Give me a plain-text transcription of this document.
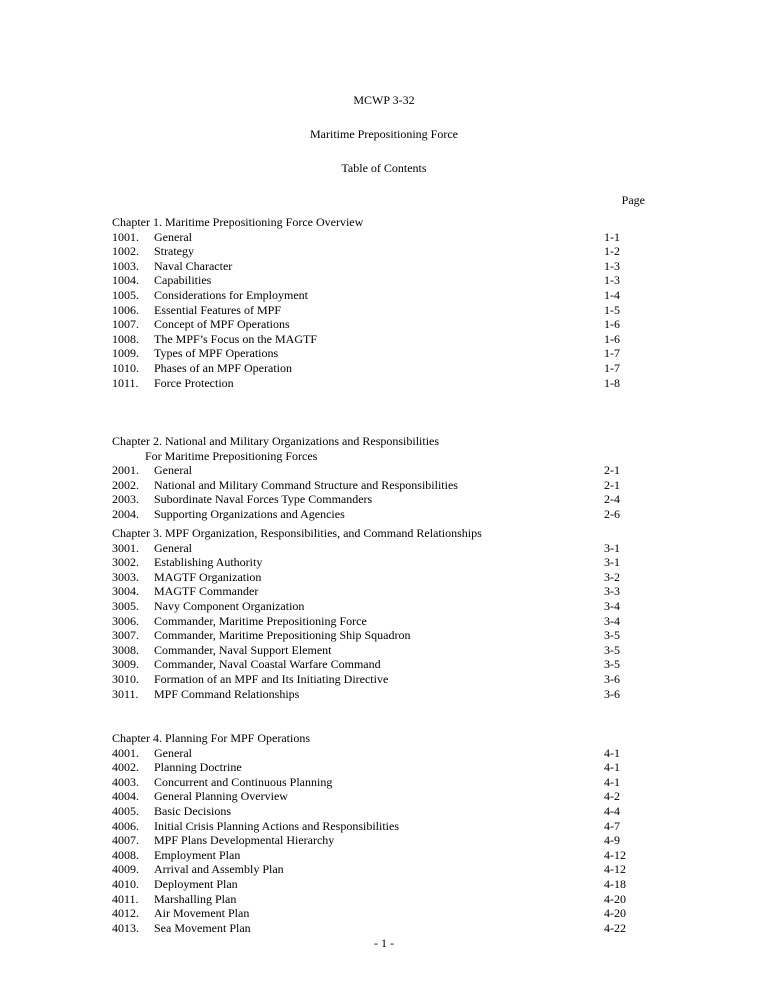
MCWP 3-32
Maritime Prepositioning Force
Table of Contents
Page
Chapter 1. Maritime Prepositioning Force Overview
1001. General	1-1
1002. Strategy	1-2
1003. Naval Character	1-3
1004. Capabilities	1-3
1005. Considerations for Employment	1-4
1006. Essential Features of MPF	1-5
1007. Concept of MPF Operations	1-6
1008. The MPF’s Focus on the MAGTF	1-6
1009. Types of MPF Operations	1-7
1010. Phases of an MPF Operation	1-7
1011. Force Protection	1-8
Chapter 2. National and Military Organizations and Responsibilities
For Maritime Prepositioning Forces
2001. General	2-1
2002. National and Military Command Structure and Responsibilities	2-1
2003. Subordinate Naval Forces Type Commanders	2-4
2004. Supporting Organizations and Agencies	2-6
Chapter 3. MPF Organization, Responsibilities, and Command Relationships
3001. General	3-1
3002. Establishing Authority	3-1
3003. MAGTF Organization	3-2
3004. MAGTF Commander	3-3
3005. Navy Component Organization	3-4
3006. Commander, Maritime Prepositioning Force	3-4
3007. Commander, Maritime Prepositioning Ship Squadron	3-5
3008. Commander, Naval Support Element	3-5
3009. Commander, Naval Coastal Warfare Command	3-5
3010. Formation of an MPF and Its Initiating Directive	3-6
3011. MPF Command Relationships	3-6
Chapter 4. Planning For MPF Operations
4001. General	4-1
4002. Planning Doctrine	4-1
4003. Concurrent and Continuous Planning	4-1
4004. General Planning Overview	4-2
4005. Basic Decisions	4-4
4006. Initial Crisis Planning Actions and Responsibilities	4-7
4007. MPF Plans Developmental Hierarchy	4-9
4008. Employment Plan	4-12
4009. Arrival and Assembly Plan	4-12
4010. Deployment Plan	4-18
4011. Marshalling Plan	4-20
4012. Air Movement Plan	4-20
4013. Sea Movement Plan	4-22
- 1 -
